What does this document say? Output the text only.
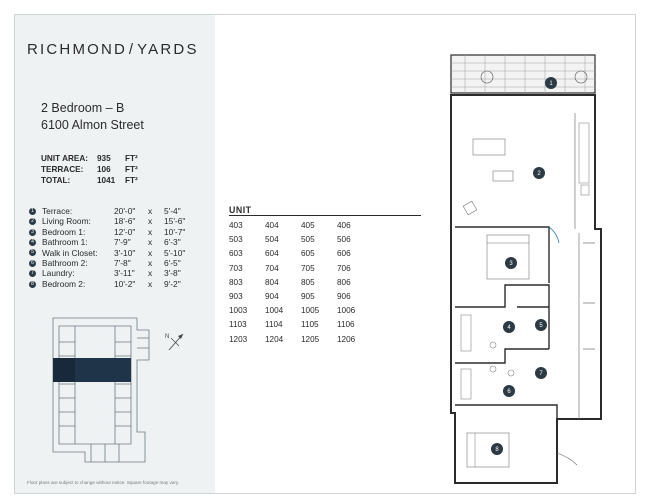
RICHMOND / YARDS
2 Bedroom – B
6100 Almon Street
UNIT AREA:	935	FT²
TERRACE:	106	FT²
TOTAL:	1041	FT²
1 Terrace:	20'-0"	x	5'-4"
2 Living Room:	18'-6"	x	15'-6"
3 Bedroom 1:	12'-0"	x	10'-7"
4 Bathroom 1:	7'-9"	x	6'-3"
5 Walk in Closet:	3'-10"	x	5'-10"
6 Bathroom 2:	7'-8"	x	6'-5"
7 Laundry:	3'-11"	x	3'-8"
8 Bedroom 2:	10'-2"	x	9'-2"
N
Floor plans are subject to change without notice. Square footage may vary.
UNIT
403	404	405	406
503	504	505	506
603	604	605	606
703	704	705	706
803	804	805	806
903	904	905	906
1003	1004	1005	1006
1103	1104	1105	1106
1203	1204	1205	1206
1
2
3
4	5
6
7
8
